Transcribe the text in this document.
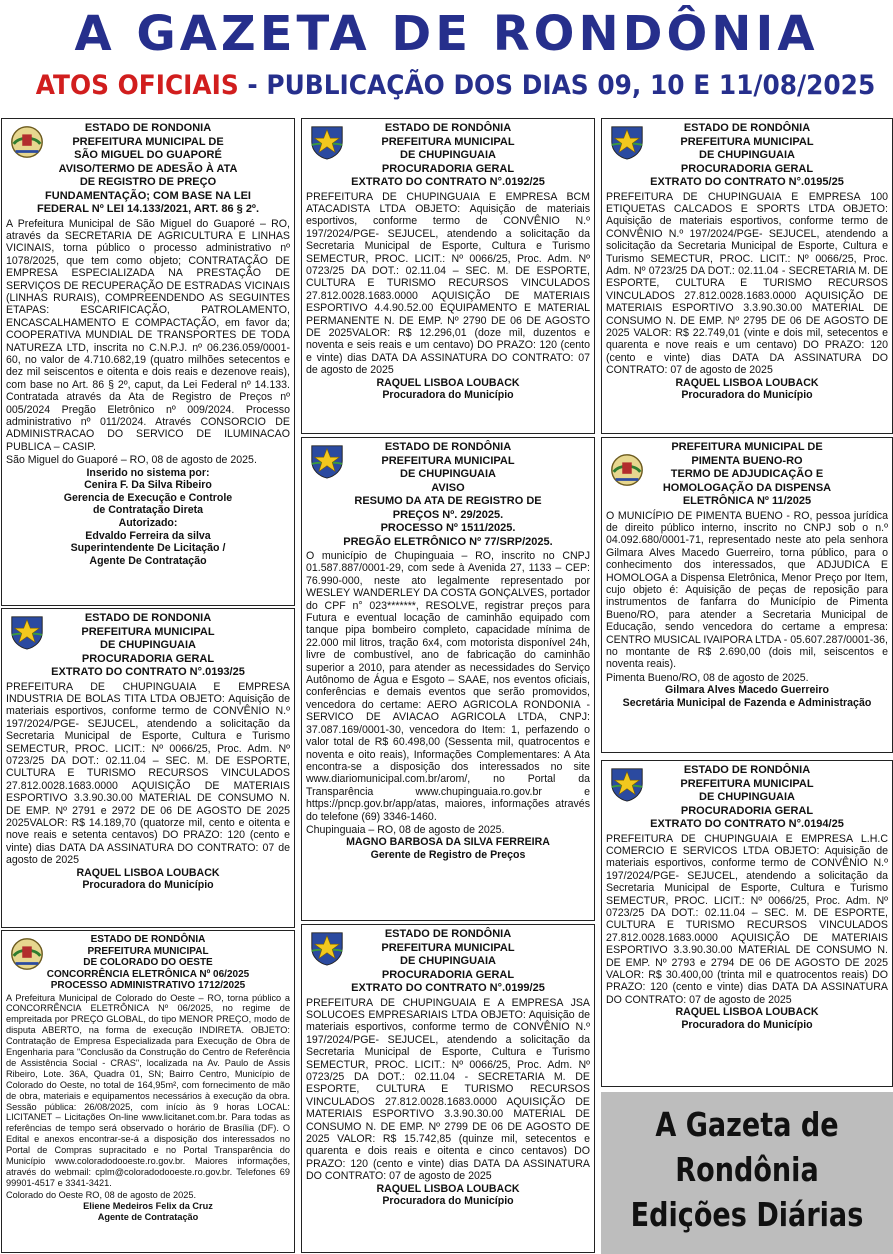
A GAZETA DE RONDÔNIA
ATOS OFICIAIS - PUBLICAÇÃO DOS DIAS 09, 10 E 11/08/2025
ESTADO DE RONDONIA
PREFEITURA MUNICIPAL DE
SÃO MIGUEL DO GUAPORÉ
AVISO/TERMO DE ADESÃO À ATA
DE REGISTRO DE PREÇO
FUNDAMENTAÇÃO; COM BASE NA LEI
FEDERAL Nº LEI 14.133/2021, ART. 86 § 2º.

A Prefeitura Municipal de São Miguel do Guaporé – RO, através da SECRETARIA DE AGRICULTURA E LINHAS VICINAIS, torna público o processo administrativo nº 1078/2025, que tem como objeto; CONTRATAÇÃO DE EMPRESA ESPECIALIZADA NA PRESTAÇÃO DE SERVIÇOS DE RECUPERAÇÃO DE ESTRADAS VICINAIS (LINHAS RURAIS), COMPREENDENDO AS SEGUINTES ETAPAS: ESCARIFICAÇÃO, PATROLAMENTO, ENCASCALHAMENTO E COMPACTAÇÃO, em favor da; COOPERATIVA MUNDIAL DE TRANSPORTES DE TODA NATUREZA LTD, inscrita no C.N.P.J. nº 06.236.059/0001-60, no valor de 4.710.682,19 (quatro milhões setecentos e dez mil seiscentos e oitenta e dois reais e dezenove reais), com base no Art. 86 § 2º, caput, da Lei Federal nº 14.133. Contratada através da Ata de Registro de Preços nº 005/2024 Pregão Eletrônico nº 009/2024. Processo administrativo nº 011/2024. Através CONSORCIO DE ADMINISTRACAO DO SERVICO DE ILUMINACAO PUBLICA – CASIP.

São Miguel do Guaporé – RO, 08 de agosto de 2025.

Inserido no sistema por:
Cenira F. Da Silva Ribeiro
Gerencia de Execução e Controle
de Contratação Direta
Autorizado:
Edvaldo Ferreira da silva
Superintendente De Licitação /
Agente De Contratação
ESTADO DE RONDONIA
PREFEITURA MUNICIPAL
DE CHUPINGUAIA
PROCURADORIA GERAL
EXTRATO DO CONTRATO N°.0193/25

PREFEITURA DE CHUPINGUAIA E EMPRESA INDUSTRIA DE BOLAS TITA LTDA OBJETO: Aquisição de materiais esportivos, conforme termo de CONVÊNIO N.º 197/2024/PGE- SEJUCEL, atendendo a solicitação da Secretaria Municipal de Esporte, Cultura e Turismo SEMECTUR, PROC. LICIT.: Nº 0066/25, Proc. Adm. Nº 0723/25 DA DOT.: 02.11.04 – SEC. M. DE ESPORTE, CULTURA E TURISMO RECURSOS VINCULADOS 27.812.0028.1683.0000 AQUISIÇÃO DE MATERIAIS ESPORTIVO 3.3.90.30.00 MATERIAL DE CONSUMO N. DE EMP. Nº 2791 e 2972 DE 06 DE AGOSTO DE 2025 2025VALOR: R$ 14.189,70 (quatorze mil, cento e oitenta e nove reais e setenta centavos) DO PRAZO: 120 (cento e vinte) dias DATA DA ASSINATURA DO CONTRATO: 07 de agosto de 2025

RAQUEL LISBOA LOUBACK
Procuradora do Município
ESTADO DE RONDÔNIA
PREFEITURA MUNICIPAL
DE COLORADO DO OESTE
CONCORRÊNCIA ELETRÔNICA Nº 06/2025
PROCESSO ADMINISTRATIVO 1712/2025

A Prefeitura Municipal de Colorado do Oeste – RO, torna público a CONCORRÊNCIA ELETRÔNICA Nº 06/2025, no regime de empreitada por PREÇO GLOBAL, do tipo MENOR PREÇO, modo de disputa ABERTO, na forma de execução INDIRETA. OBJETO: Contratação de Empresa Especializada para Execução de Obra de Engenharia para "Conclusão da Construção do Centro de Referência de Assistência Social - CRAS", localizada na Av. Paulo de Assis Ribeiro, Lote. 36A, Quadra 01, SN; Bairro Centro, Município de Colorado do Oeste, no total de 164,95m², com fornecimento de mão de obra, materiais e equipamentos necessários à execução da obra. Sessão pública: 26/08/2025, com início às 9 horas LOCAL: LICITANET – Licitações On-line www.licitanet.com.br. Para todas as referências de tempo será observado o horário de Brasília (DF). O Edital e anexos encontrar-se-á a disposição dos interessados no Portal de Compras supracitado e no Portal Transparência do Município www.coloradodooeste.ro.gov.br. Maiores informações, através do webmail: cplm@coloradodooeste.ro.gov.br. Telefones 69 99901-4517 e 3341-3421.

Colorado do Oeste RO, 08 de agosto de 2025.

Eliene Medeiros Felix da Cruz
Agente de Contratação
ESTADO DE RONDÔNIA
PREFEITURA MUNICIPAL
DE CHUPINGUAIA
PROCURADORIA GERAL
EXTRATO DO CONTRATO N°.0192/25

PREFEITURA DE CHUPINGUAIA E EMPRESA BCM ATACADISTA LTDA OBJETO: Aquisição de materiais esportivos, conforme termo de CONVÊNIO N.º 197/2024/PGE- SEJUCEL, atendendo a solicitação da Secretaria Municipal de Esporte, Cultura e Turismo SEMECTUR, PROC. LICIT.: Nº 0066/25, Proc. Adm. Nº 0723/25 DA DOT.: 02.11.04 – SEC. M. DE ESPORTE, CULTURA E TURISMO RECURSOS VINCULADOS 27.812.0028.1683.0000 AQUISIÇÃO DE MATERIAIS ESPORTIVO 4.4.90.52.00 EQUIPAMENTO E MATERIAL PERMANENTE N. DE EMP. Nº 2790 DE 06 DE AGOSTO DE 2025VALOR: R$ 12.296,01 (doze mil, duzentos e noventa e seis reais e um centavo) DO PRAZO: 120 (cento e vinte) dias DATA DA ASSINATURA DO CONTRATO: 07 de agosto de 2025

RAQUEL LISBOA LOUBACK
Procuradora do Município
ESTADO DE RONDÔNIA
PREFEITURA MUNICIPAL
DE CHUPINGUAIA
AVISO
RESUMO DA ATA DE REGISTRO DE
PREÇOS Nº. 29/2025.
PROCESSO Nº 1511/2025.
PREGÃO ELETRÔNICO Nº 77/SRP/2025.

O município de Chupinguaia – RO, inscrito no CNPJ 01.587.887/0001-29, com sede à Avenida 27, 1133 – CEP: 76.990-000, neste ato legalmente representado por WESLEY WANDERLEY DA COSTA GONÇALVES, portador do CPF n° 023*******, RESOLVE, registrar preços para Futura e eventual locação de caminhão equipado com tanque pipa bombeiro completo, capacidade mínima de 22.000 mil litros, tração 6x4, com motorista disponível 24h, livre de combustível, ano de fabricação do caminhão superior a 2010, para atender as necessidades do Serviço Autônomo de Água e Esgoto – SAAE, nos eventos oficiais, conferências e demais eventos que serão promovidos, vencedora do certame: AERO AGRICOLA RONDONIA - SERVICO DE AVIACAO AGRICOLA LTDA, CNPJ: 37.087.169/0001-30, vencedora do Item: 1, perfazendo o valor total de R$ 60.498,00 (Sessenta mil, quatrocentos e noventa e oito reais), Informações Complementares: A Ata encontra-se a disposição dos interessados no site www.diariomunicipal.com.br/arom/, no Portal da Transparência www.chupinguaia.ro.gov.br e https://pncp.gov.br/app/atas, maiores, informações através do telefone (69) 3346-1460.

Chupinguaia – RO, 08 de agosto de 2025.

MAGNO BARBOSA DA SILVA FERREIRA
Gerente de Registro de Preços
ESTADO DE RONDÔNIA
PREFEITURA MUNICIPAL
DE CHUPINGUAIA
PROCURADORIA GERAL
EXTRATO DO CONTRATO N°.0199/25

PREFEITURA DE CHUPINGUAIA E A EMPRESA JSA SOLUCOES EMPRESARIAIS LTDA OBJETO: Aquisição de materiais esportivos, conforme termo de CONVÊNIO N.º 197/2024/PGE- SEJUCEL, atendendo a solicitação da Secretaria Municipal de Esporte, Cultura e Turismo SEMECTUR, PROC. LICIT.: Nº 0066/25, Proc. Adm. Nº 0723/25 DA DOT.: 02.11.04 - SECRETARIA M. DE ESPORTE, CULTURA E TURISMO RECURSOS VINCULADOS 27.812.0028.1683.0000 AQUISIÇÃO DE MATERIAIS ESPORTIVO 3.3.90.30.00 MATERIAL DE CONSUMO N. DE EMP. Nº 2799 DE 06 DE AGOSTO DE 2025 VALOR: R$ 15.742,85 (quinze mil, setecentos e quarenta e dois reais e oitenta e cinco centavos) DO PRAZO: 120 (cento e vinte) dias DATA DA ASSINATURA DO CONTRATO: 07 de agosto de 2025

RAQUEL LISBOA LOUBACK
Procuradora do Município
ESTADO DE RONDÔNIA
PREFEITURA MUNICIPAL
DE CHUPINGUAIA
PROCURADORIA GERAL
EXTRATO DO CONTRATO N°.0195/25

PREFEITURA DE CHUPINGUAIA E EMPRESA 100 ETIQUETAS CALCADOS E SPORTS LTDA OBJETO: Aquisição de materiais esportivos, conforme termo de CONVÊNIO N.º 197/2024/PGE- SEJUCEL, atendendo a solicitação da Secretaria Municipal de Esporte, Cultura e Turismo SEMECTUR, PROC. LICIT.: Nº 0066/25, Proc. Adm. Nº 0723/25 DA DOT.: 02.11.04 - SECRETARIA M. DE ESPORTE, CULTURA E TURISMO RECURSOS VINCULADOS 27.812.0028.1683.0000 AQUISIÇÃO DE MATERIAIS ESPORTIVO 3.3.90.30.00 MATERIAL DE CONSUMO N. DE EMP. Nº 2795 DE 06 DE AGOSTO DE 2025 VALOR: R$ 22.749,01 (vinte e dois mil, setecentos e quarenta e nove reais e um centavo) DO PRAZO: 120 (cento e vinte) dias DATA DA ASSINATURA DO CONTRATO: 07 de agosto de 2025

RAQUEL LISBOA LOUBACK
Procuradora do Município
PREFEITURA MUNICIPAL DE
PIMENTA BUENO-RO
TERMO DE ADJUDICAÇÃO E
HOMOLOGAÇÃO DA DISPENSA
ELETRÔNICA Nº 11/2025

O MUNICÍPIO DE PIMENTA BUENO - RO, pessoa jurídica de direito público interno, inscrito no CNPJ sob o n.º 04.092.680/0001-71, representado neste ato pela senhora Gilmara Alves Macedo Guerreiro, torna público, para o conhecimento dos interessados, que ADJUDICA E HOMOLOGA a Dispensa Eletrônica, Menor Preço por Item, cujo objeto é: Aquisição de peças de reposição para instrumentos de fanfarra do Município de Pimenta Bueno/RO, para atender a Secretaria Municipal de Educação, sendo vencedora do certame a empresa: CENTRO MUSICAL IVAIPORA LTDA - 05.607.287/0001-36, no montante de R$ 2.690,00 (dois mil, seiscentos e noventa reais).

Pimenta Bueno/RO, 08 de agosto de 2025.

Gilmara Alves Macedo Guerreiro
Secretária Municipal de Fazenda e Administração
ESTADO DE RONDÔNIA
PREFEITURA MUNICIPAL
DE CHUPINGUAIA
PROCURADORIA GERAL
EXTRATO DO CONTRATO N°.0194/25

PREFEITURA DE CHUPINGUAIA E EMPRESA L.H.C COMERCIO E SERVICOS LTDA OBJETO: Aquisição de materiais esportivos, conforme termo de CONVÊNIO N.º 197/2024/PGE- SEJUCEL, atendendo a solicitação da Secretaria Municipal de Esporte, Cultura e Turismo SEMECTUR, PROC. LICIT.: Nº 0066/25, Proc. Adm. Nº 0723/25 DA DOT.: 02.11.04 – SEC. M. DE ESPORTE, CULTURA E TURISMO RECURSOS VINCULADOS 27.812.0028.1683.0000 AQUISIÇÃO DE MATERIAIS ESPORTIVO 3.3.90.30.00 MATERIAL DE CONSUMO N. DE EMP. Nº 2793 e 2794 DE 06 DE AGOSTO DE 2025 VALOR: R$ 30.400,00 (trinta mil e quatrocentos reais) DO PRAZO: 120 (cento e vinte) dias DATA DA ASSINATURA DO CONTRATO: 07 de agosto de 2025

RAQUEL LISBOA LOUBACK
Procuradora do Município
A Gazeta de
Rondônia
Edições Diárias
